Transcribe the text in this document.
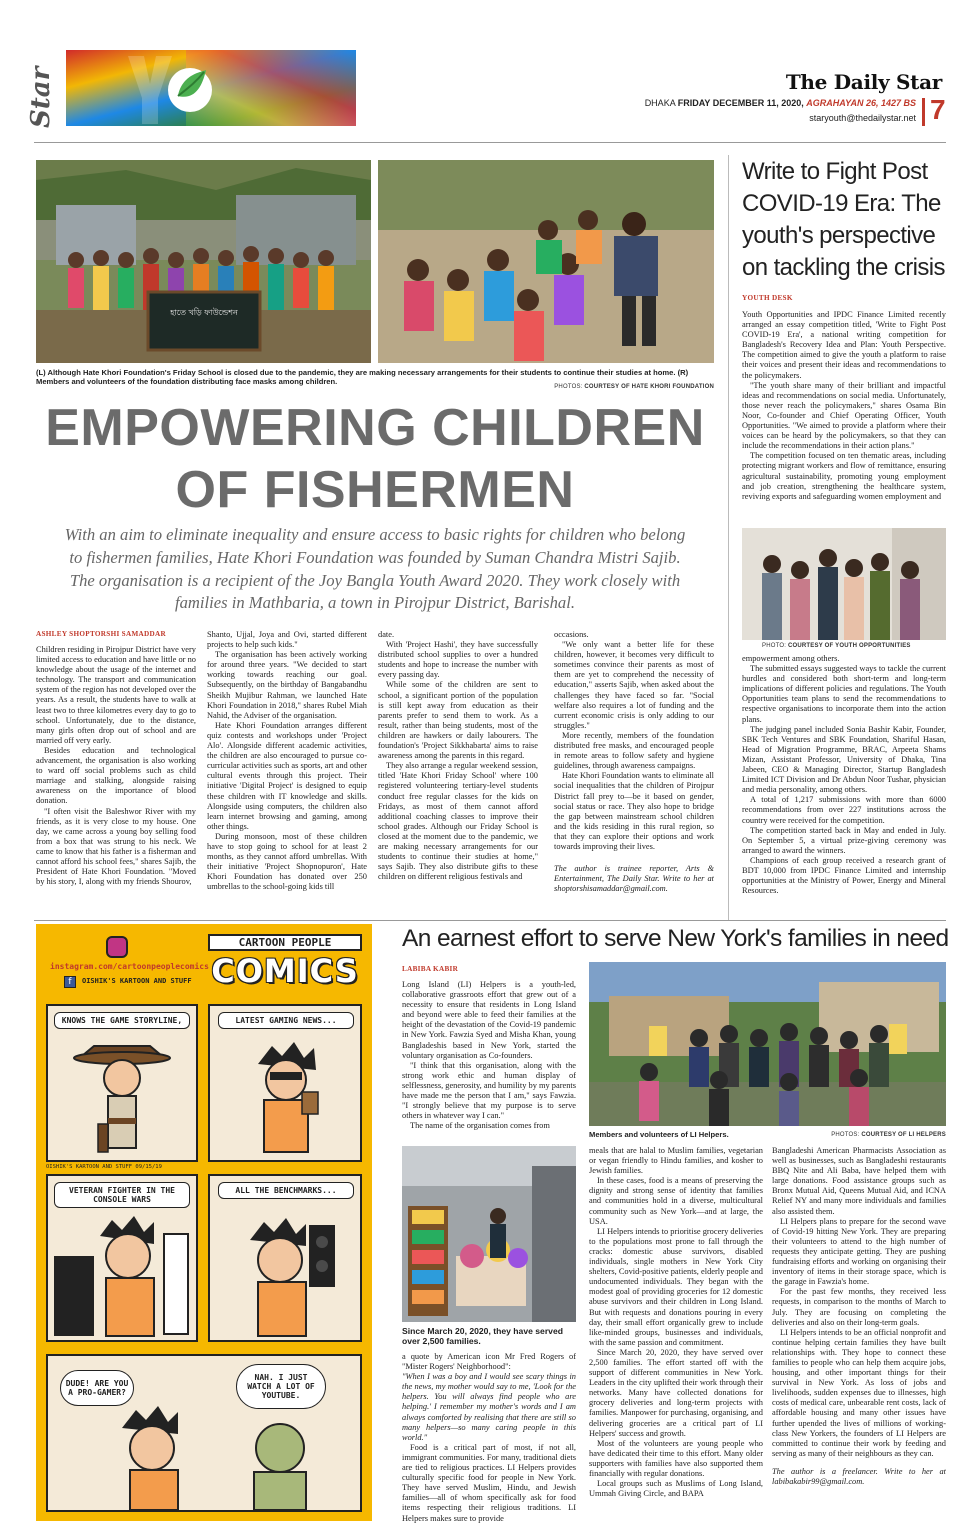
Star	The Daily Star
DHAKA FRIDAY DECEMBER 11, 2020, AGRAHAYAN 26, 1427 BS
staryouth@thedailystar.net 7
হাতে খড়ি ফাউন্ডেশন
(L) Although Hate Khori Foundation's Friday School is closed due to the pandemic, they are making necessary arrangements for their students to continue their studies at home. (R) Members and volunteers of the foundation distributing face masks among children.
PHOTOS: COURTESY OF HATE KHORI FOUNDATION
EMPOWERING CHILDREN
OF FISHERMEN
With an aim to eliminate inequality and ensure access to basic rights for children who belong to fishermen families, Hate Khori Foundation was founded by Suman Chandra Mistri Sajib. The organisation is a recipient of the Joy Bangla Youth Award 2020. They work closely with families in Mathbaria, a town in Pirojpur District, Barishal.
ASHLEY SHOPTORSHI SAMADDAR

Children residing in Pirojpur District have very limited access to education and have little or no knowledge about the usage of the internet and technology. The transport and communication system of the region has not developed over the years. As a result, the students have to walk at least two to three kilometres every day to go to school. Unfortunately, due to the distance, many girls often drop out of school and are married off very early.

Besides education and technological advancement, the organisation is also working to ward off social problems such as child marriage and stalking, alongside raising awareness on the importance of blood donation.

"I often visit the Baleshwor River with my friends, as it is very close to my house. One day, we came across a young boy selling food from a box that was strung to his neck. We came to know that his father is a fisherman and cannot afford his school fees," shares Sajib, the President of Hate Khori Foundation. "Moved by his story, I, along with my friends Shourov,

Shanto, Ujjal, Joya and Ovi, started different projects to help such kids."

The organisation has been actively working for around three years. "We decided to start working towards reaching our goal. Subsequently, on the birthday of Bangabandhu Sheikh Mujibur Rahman, we launched Hate Khori Foundation in 2018," shares Rubel Miah Nahid, the Adviser of the organisation.

Hate Khori Foundation arranges different quiz contests and workshops under 'Project Alo'. Alongside different academic activities, the children are also encouraged to pursue co-curricular activities such as sports, art and other cultural events through this project. Their initiative 'Digital Project' is designed to equip these children with IT knowledge and skills. Alongside using computers, the children also learn internet browsing and gaming, among other things.

During monsoon, most of these children have to stop going to school for at least 2 months, as they cannot afford umbrellas. With their initiative 'Project Shopnopuron', Hate Khori Foundation has donated over 250 umbrellas to the school-going kids till

date.

With 'Project Hashi', they have successfully distributed school supplies to over a hundred students and hope to increase the number with every passing day.

While some of the children are sent to school, a significant portion of the population is still kept away from education as their parents prefer to send them to work. As a result, rather than being students, most of the children are hawkers or daily labourers. The foundation's 'Project Sikkhabarta' aims to raise awareness among the parents in this regard.

They also arrange a regular weekend session, titled 'Hate Khori Friday School' where 100 registered volunteering tertiary-level students conduct free regular classes for the kids on Fridays, as most of them cannot afford additional coaching classes to improve their school grades. Although our Friday School is closed at the moment due to the pandemic, we are making necessary arrangements for our students to continue their studies at home," says Sajib. They also distribute gifts to these children on different religious festivals and

occasions.

"We only want a better life for these children, however, it becomes very difficult to sometimes convince their parents as most of them are yet to comprehend the necessity of education," asserts Sajib, when asked about the challenges they have faced so far. "Social welfare also requires a lot of funding and the current economic crisis is only adding to our struggles."

More recently, members of the foundation distributed free masks, and encouraged people in remote areas to follow safety and hygiene guidelines, through awareness campaigns.

Hate Khori Foundation wants to eliminate all social inequalities that the children of Pirojpur District fall prey to—be it based on gender, social status or race. They also hope to bridge the gap between mainstream school children and the kids residing in this rural region, so that they can explore their options and work towards improving their lives.

The author is trainee reporter, Arts & Entertainment, The Daily Star. Write to her at shoptorshisamaddar@gmail.com.

Write to Fight Post COVID-19 Era: The youth's perspective on tackling the crisis
YOUTH DESK

Youth Opportunities and IPDC Finance Limited recently arranged an essay competition titled, 'Write to Fight Post COVID-19 Era', a national writing competition for Bangladesh's Recovery Idea and Plan: Youth Perspective. The competition aimed to give the youth a platform to raise their voices and present their ideas and recommendations to the policymakers.

"The youth share many of their brilliant and impactful ideas and recommendations on social media. Unfortunately, those never reach the policymakers," shares Osama Bin Noor, Co-founder and Chief Operating Officer, Youth Opportunities. "We aimed to provide a platform where their voices can be heard by the policymakers, so that they can include the recommendations in their action plans."

The competition focused on ten thematic areas, including protecting migrant workers and flow of remittance, ensuring agricultural sustainability, promoting young employment and job creation, strengthening the healthcare system, reviving exports and safeguarding women employment and

PHOTO: COURTESY OF YOUTH OPPORTUNITIES

empowerment among others.

The submitted essays suggested ways to tackle the current hurdles and considered both short-term and long-term implications of different policies and regulations. The Youth Opportunities team plans to send the recommendations to respective organisations to incorporate them into the action plans.

The judging panel included Sonia Bashir Kabir, Founder, SBK Tech Ventures and SBK Foundation, Shariful Hasan, Head of Migration Programme, BRAC, Arpeeta Shams Mizan, Assistant Professor, University of Dhaka, Tina Jabeen, CEO & Managing Director, Startup Bangladesh Limited ICT Division and Dr Abdun Noor Tushar, physician and media personality, among others.

A total of 1,217 submissions with more than 6000 recommendations from over 227 institutions across the country were received for the competition.

The competition started back in May and ended in July. On September 5, a virtual prize-giving ceremony was arranged to award the winners.

Champions of each group received a research grant of BDT 10,000 from IPDC Finance Limited and internship opportunities at the Ministry of Power, Energy and Mineral Resources.

instagram.com/cartoonpeoplecomics
f	OISHIK'S KARTOON AND STUFF
CARTOON PEOPLE
COMICS
KNOWS THE GAME STORYLINE,	LATEST GAMING NEWS...
OISHIK'S KARTOON AND STUFF 09/15/19
VETERAN FIGHTER IN THE CONSOLE WARS
ALL THE BENCHMARKS...
DUDE! ARE YOU A PRO-GAMER?
NAH. I JUST WATCH A LOT OF YOUTUBE.
An earnest effort to serve New York's families in need
LABIBA KABIR

Long Island (LI) Helpers is a youth-led, collaborative grassroots effort that grew out of a necessity to ensure that residents in Long Island and beyond were able to feed their families at the height of the devastation of the Covid-19 pandemic in New York. Fawzia Syed and Misha Khan, young Bangladeshis based in New York, started the voluntary organisation as Co-founders.

"I think that this organisation, along with the strong work ethic and human display of selflessness, generosity, and humility by my parents have made me the person that I am," says Fawzia. "I strongly believe that my purpose is to serve others in whatever way I can."

The name of the organisation comes from

Members and volunteers of LI Helpers.	PHOTOS: COURTESY OF LI HELPERS
Since March 20, 2020, they have served over 2,500 families.

a quote by American icon Mr Fred Rogers of "Mister Rogers' Neighborhood":

"When I was a boy and I would see scary things in the news, my mother would say to me, 'Look for the helpers. You will always find people who are helping.' I remember my mother's words and I am always comforted by realising that there are still so many helpers—so many caring people in this world."

Food is a critical part of most, if not all, immigrant communities. For many, traditional diets are tied to religious practices. LI Helpers provides culturally specific food for people in New York. They have served Muslim, Hindu, and Jewish families—all of whom specifically ask for food items respecting their religious traditions. LI Helpers makes sure to provide

meals that are halal to Muslim families, vegetarian or vegan friendly to Hindu families, and kosher to Jewish families.

In these cases, food is a means of preserving the dignity and strong sense of identity that families and communities hold in a diverse, multicultural community such as New York—and at large, the USA.

LI Helpers intends to prioritise grocery deliveries to the populations most prone to fall through the cracks: domestic abuse survivors, disabled individuals, single mothers in New York City shelters, Covid-positive patients, elderly people and undocumented individuals. They began with the modest goal of providing groceries for 12 domestic abuse survivors and their children in Long Island. But with requests and donations pouring in every day, their small effort organically grew to include like-minded groups, businesses and individuals, with the same passion and commitment.

Since March 20, 2020, they have served over 2,500 families. The effort started off with the support of different communities in New York. Leaders in the city uplifted their work through their networks. Many have collected donations for grocery deliveries and long-term projects with families. Manpower for purchasing, organising, and delivering groceries are a critical part of LI Helpers' success and growth.

Most of the volunteers are young people who have dedicated their time to this effort. Many older supporters with families have also supported them financially with regular donations.

Local groups such as Muslims of Long Island, Ummah Giving Circle, and BAPA

Bangladeshi American Pharmacists Association as well as businesses, such as Bangladeshi restaurants BBQ Nite and Ali Baba, have helped them with large donations. Food assistance groups such as Bronx Mutual Aid, Queens Mutual Aid, and ICNA Relief NY and many more individuals and families also assisted them.

LI Helpers plans to prepare for the second wave of Covid-19 hitting New York. They are preparing their volunteers to attend to the high number of requests they anticipate getting. They are pushing fundraising efforts and working on organising their inventory of items in their storage space, which is the garage in Fawzia's home.

For the past few months, they received less requests, in comparison to the months of March to July. They are focusing on completing the deliveries and also on their long-term goals.

LI Helpers intends to be an official nonprofit and continue helping certain families they have built relationships with. They hope to connect these families to people who can help them acquire jobs, housing, and other important things for their survival in New York. As loss of jobs and livelihoods, sudden expenses due to illnesses, high costs of medical care, unbearable rent costs, lack of affordable housing and many other issues have further upended the lives of millions of working-class New Yorkers, the founders of LI Helpers are committed to continue their work by feeding and serving as many of their neighbours as they can.

The author is a freelancer. Write to her at labibakabir99@gmail.com.
